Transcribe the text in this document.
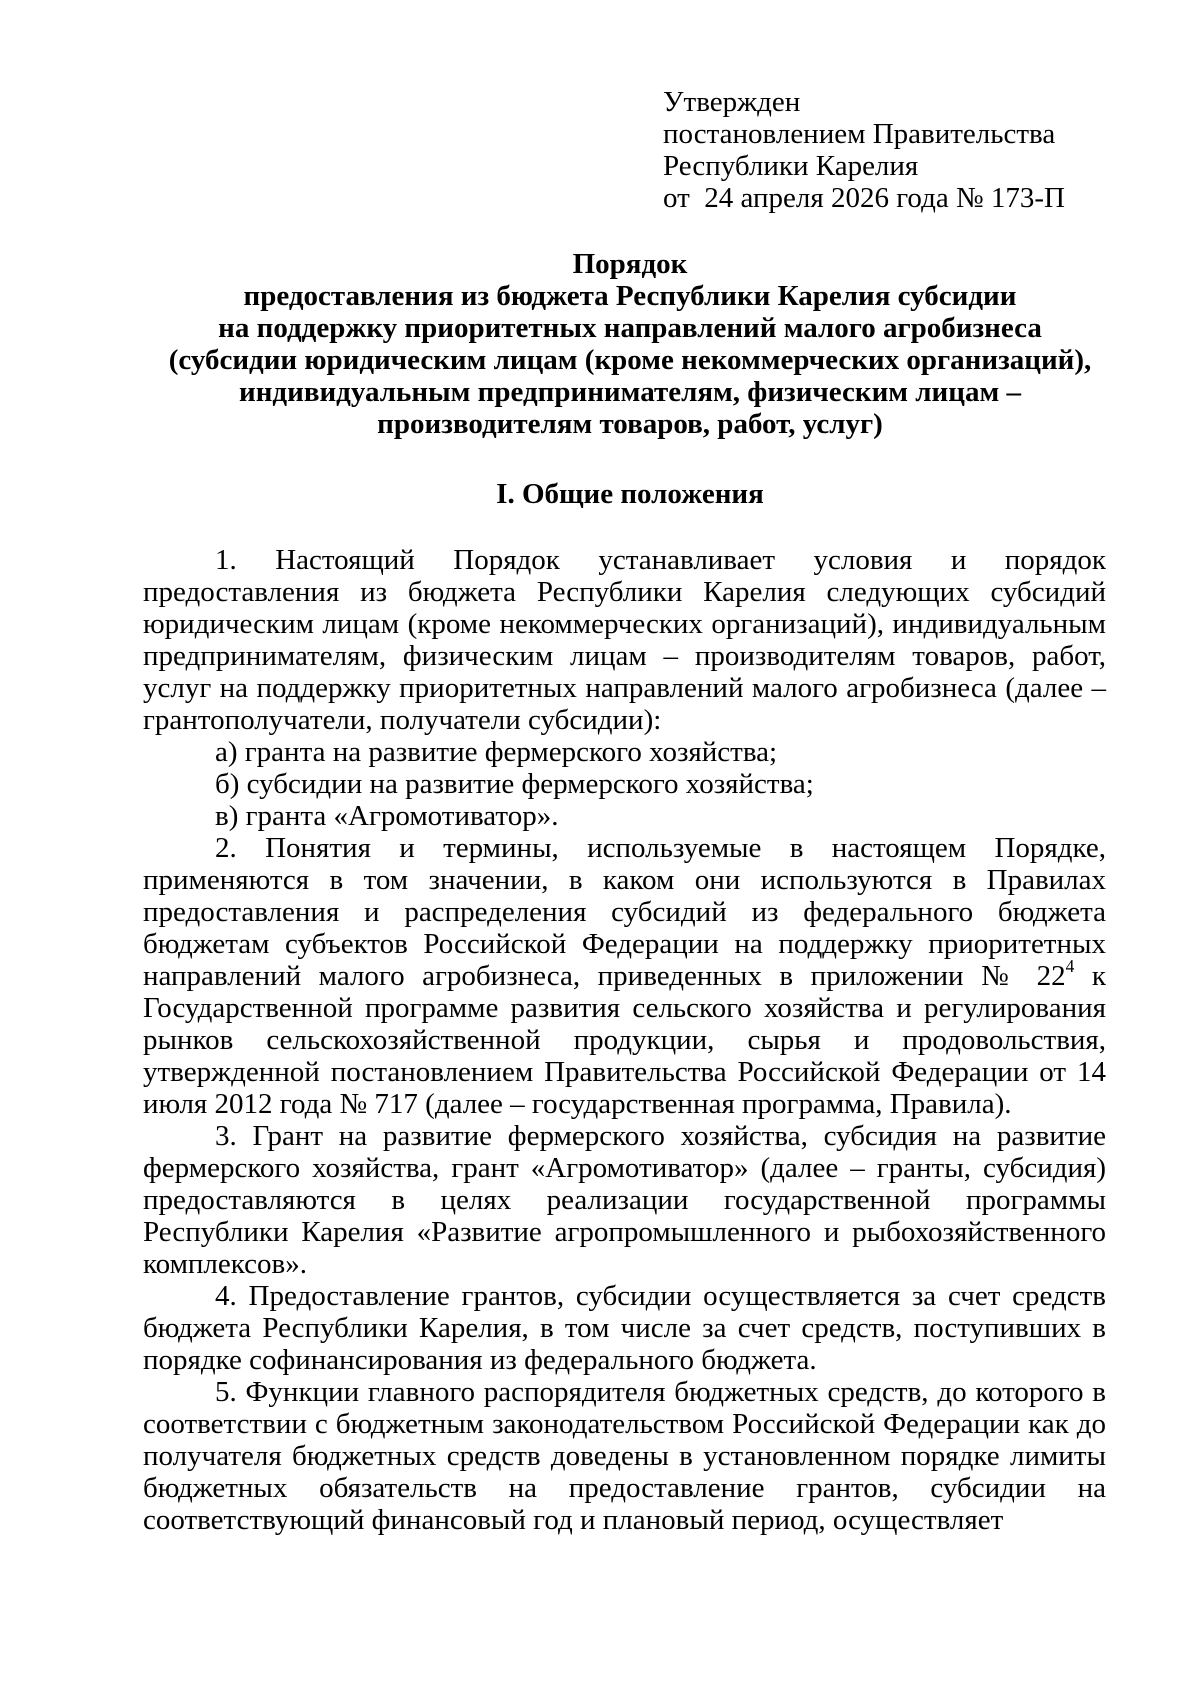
Утвержден
постановлением Правительства
Республики Карелия
от  24 апреля 2026 года № 173-П
Порядок
предоставления из бюджета Республики Карелия субсидии
на поддержку приоритетных направлений малого агробизнеса
(субсидии юридическим лицам (кроме некоммерческих организаций),
индивидуальным предпринимателям, физическим лицам –
производителям товаров, работ, услуг)
I. Общие положения

1. Настоящий Порядок устанавливает условия и порядок предоставления из бюджета Республики Карелия следующих субсидий юридическим лицам (кроме некоммерческих организаций), индивидуальным предпринимателям, физическим лицам – производителям товаров, работ, услуг на поддержку приоритетных направлений малого агробизнеса (далее – грантополучатели, получатели субсидии):

а) гранта на развитие фермерского хозяйства;

б) субсидии на развитие фермерского хозяйства;

в) гранта «Агромотиватор».

2. Понятия и термины, используемые в настоящем Порядке, применяются в том значении, в каком они используются в Правилах предоставления и распределения субсидий из федерального бюджета бюджетам субъектов Российской Федерации на поддержку приоритетных направлений малого агробизнеса, приведенных в приложении № $22^4$ к Государственной программе развития сельского хозяйства и регулирования рынков сельскохозяйственной продукции, сырья и продовольствия, утвержденной постановлением Правительства Российской Федерации от 14 июля 2012 года № 717 (далее – государственная программа, Правила).

3. Грант на развитие фермерского хозяйства, субсидия на развитие фермерского хозяйства, грант «Агромотиватор» (далее – гранты, субсидия) предоставляются в целях реализации государственной программы Республики Карелия «Развитие агропромышленного и рыбохозяйственного комплексов».

4. Предоставление грантов, субсидии осуществляется за счет средств бюджета Республики Карелия, в том числе за счет средств, поступивших в порядке софинансирования из федерального бюджета.

5. Функции главного распорядителя бюджетных средств, до которого в соответствии с бюджетным законодательством Российской Федерации как до получателя бюджетных средств доведены в установленном порядке лимиты бюджетных обязательств на предоставление грантов, субсидии на соответствующий финансовый год и плановый период, осуществляет
